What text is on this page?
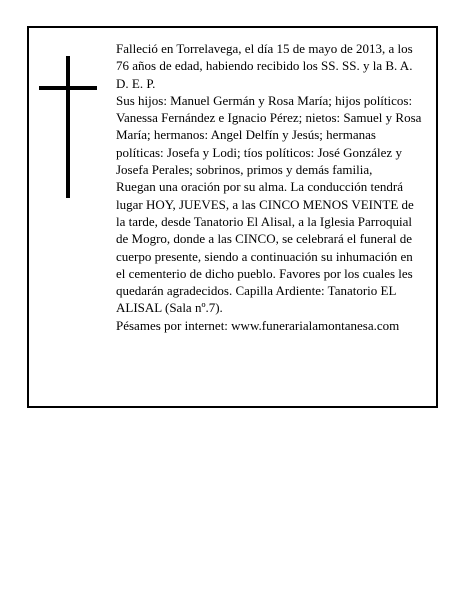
Falleció en Torrelavega, el día 15 de mayo de 2013, a los 76 años de edad, habiendo recibido los SS. SS. y la B. A.

D. E. P.

Sus hijos: Manuel Germán y Rosa María; hijos políticos: Vanessa Fernández e Ignacio Pérez; nietos: Samuel y Rosa María; hermanos: Angel Delfín y Jesús; hermanas políticas: Josefa y Lodi; tíos políticos: José González y Josefa Perales; sobrinos, primos y demás familia,

Ruegan una oración por su alma. La conducción tendrá lugar HOY, JUEVES, a las CINCO MENOS VEINTE de la tarde, desde Tanatorio El Alisal, a la Iglesia Parroquial de Mogro, donde a las CINCO, se celebrará el funeral de cuerpo presente, siendo a continuación su inhumación en el cementerio de dicho pueblo. Favores por los cuales les quedarán agradecidos. Capilla Ardiente: Tanatorio EL ALISAL (Sala nº.7).

Pésames por internet: www.funerarialamontanesa.com
